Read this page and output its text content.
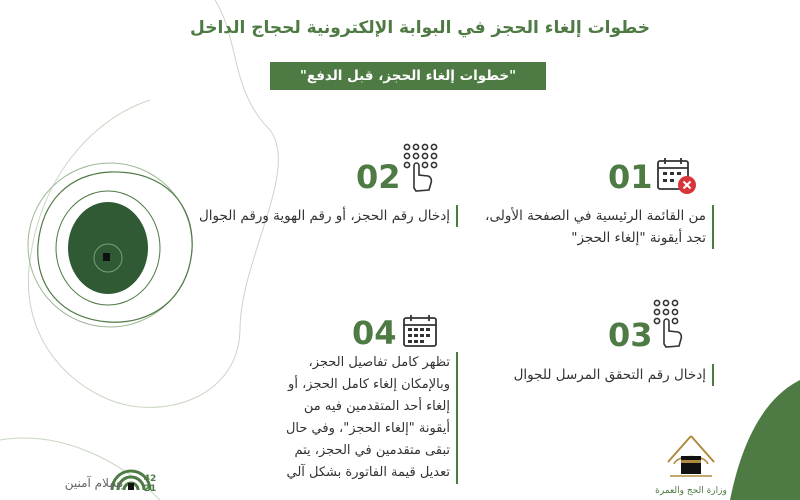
خطوات إلغاء الحجز في البوابة الإلكترونية لحجاج الداخل
"خطوات إلغاء الحجز، قبل الدفع"
01
من القائمة الرئيسية في الصفحة الأولى، تجد أيقونة "إلغاء الحجز"
02
إدخال رقم الحجز، أو رقم الهوية ورقم الجوال
03
إدخال رقم التحقق المرسل للجوال
04
تظهر كامل تفاصيل الحجز، وبالإمكان إلغاء كامل الحجز، أو إلغاء أحد المتقدمين فيه من أيقونة "إلغاء الحجز"، وفي حال تبقى متقدمين في الحجز، يتم تعديل قيمة الفاتورة بشكل آلي
42 21
بسلام آمنين
وزارة الحج والعمرة
